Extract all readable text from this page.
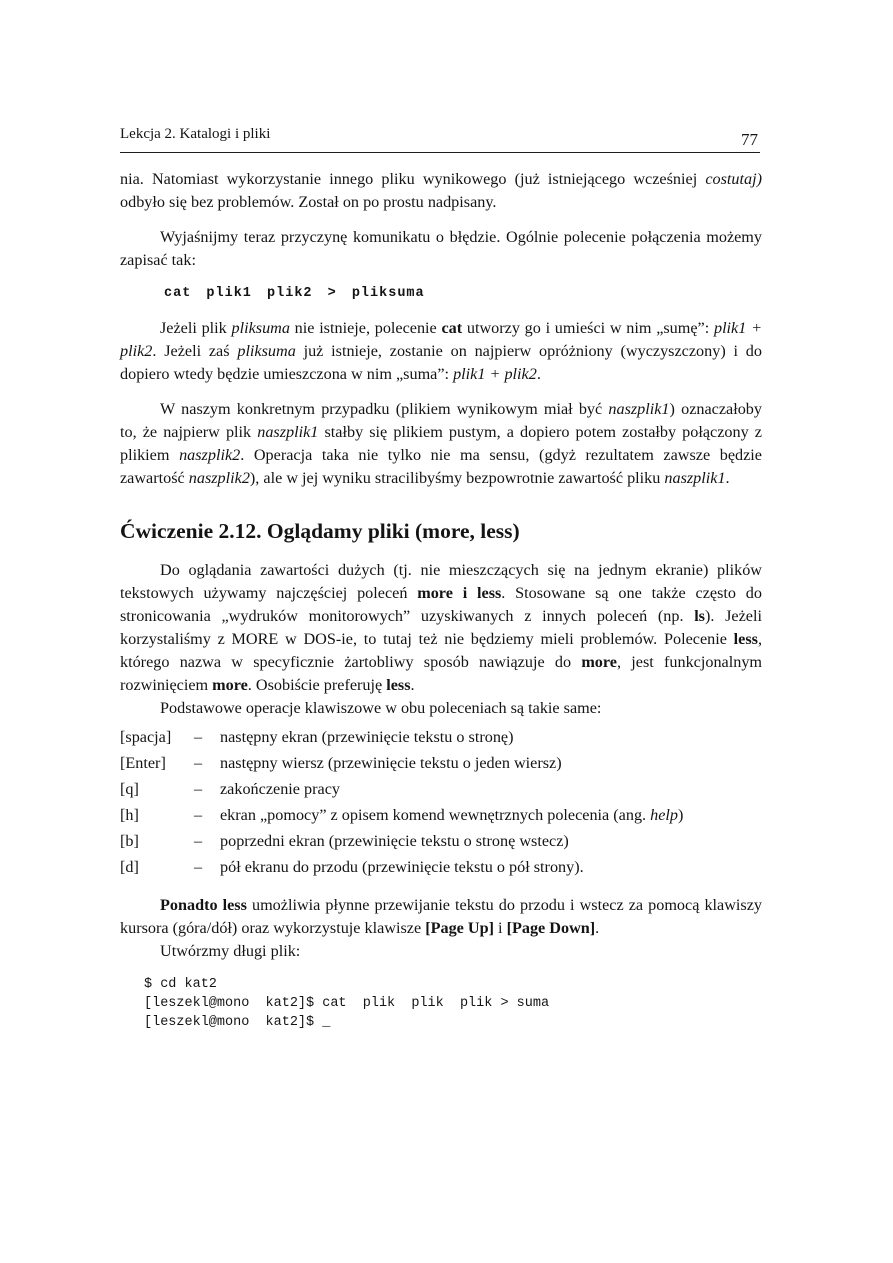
Lekcja 2. Katalogi i pliki	77

nia. Natomiast wykorzystanie innego pliku wynikowego (już istniejącego wcześniej costutaj) odbyło się bez problemów. Został on po prostu nadpisany.

Wyjaśnijmy teraz przyczynę komunikatu o błędzie. Ogólnie polecenie połączenia możemy zapisać tak:

cat plik1 plik2 > pliksuma

Jeżeli plik pliksuma nie istnieje, polecenie cat utworzy go i umieści w nim „sumę”: plik1 + plik2. Jeżeli zaś pliksuma już istnieje, zostanie on najpierw opróżniony (wyczyszczony) i do dopiero wtedy będzie umieszczona w nim „suma”: plik1 + plik2.

W naszym konkretnym przypadku (plikiem wynikowym miał być naszplik1) oznaczałoby to, że najpierw plik naszplik1 stałby się plikiem pustym, a dopiero potem zostałby połączony z plikiem naszplik2. Operacja taka nie tylko nie ma sensu, (gdyż rezultatem zawsze będzie zawartość naszplik2), ale w jej wyniku stracilibyśmy bezpowrotnie zawartość pliku naszplik1.

Ćwiczenie 2.12. Oglądamy pliki (more, less)

Do oglądania zawartości dużych (tj. nie mieszczących się na jednym ekranie) plików tekstowych używamy najczęściej poleceń more i less. Stosowane są one także często do stronicowania „wydruków monitorowych” uzyskiwanych z innych poleceń (np. ls). Jeżeli korzystaliśmy z MORE w DOS-ie, to tutaj też nie będziemy mieli problemów. Polecenie less, którego nazwa w specyficznie żartobliwy sposób nawiązuje do more, jest funkcjonalnym rozwinięciem more. Osobiście preferuję less.

Podstawowe operacje klawiszowe w obu poleceniach są takie same:

[spacja]	–	następny ekran (przewinięcie tekstu o stronę)
[Enter]	–	następny wiersz (przewinięcie tekstu o jeden wiersz)
[q]	–	zakończenie pracy
[h]	–	ekran „pomocy” z opisem komend wewnętrznych polecenia (ang. help)
[b]	–	poprzedni ekran (przewinięcie tekstu o stronę wstecz)
[d]	–	pół ekranu do przodu (przewinięcie tekstu o pół strony).

Ponadto less umożliwia płynne przewijanie tekstu do przodu i wstecz za pomocą klawiszy kursora (góra/dół) oraz wykorzystuje klawisze [Page Up] i [Page Down].

Utwórzmy długi plik:

$ cd kat2
[leszekl@mono  kat2]$ cat  plik  plik  plik > suma
[leszekl@mono  kat2]$ _
